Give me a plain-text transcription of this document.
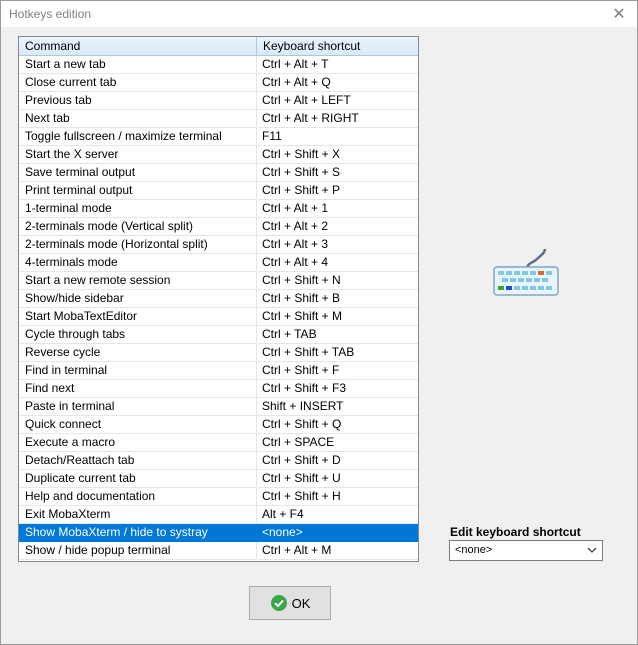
Hotkeys edition	✕
Command	Keyboard shortcut
Start a new tab	Ctrl + Alt + T
Close current tab	Ctrl + Alt + Q
Previous tab	Ctrl + Alt + LEFT
Next tab	Ctrl + Alt + RIGHT
Toggle fullscreen / maximize terminal	F11
Start the X server	Ctrl + Shift + X
Save terminal output	Ctrl + Shift + S
Print terminal output	Ctrl + Shift + P
1-terminal mode	Ctrl + Alt + 1
2-terminals mode (Vertical split)	Ctrl + Alt + 2
2-terminals mode (Horizontal split)	Ctrl + Alt + 3
4-terminals mode	Ctrl + Alt + 4
Start a new remote session	Ctrl + Shift + N
Show/hide sidebar	Ctrl + Shift + B
Start MobaTextEditor	Ctrl + Shift + M
Cycle through tabs	Ctrl + TAB
Reverse cycle	Ctrl + Shift + TAB
Find in terminal	Ctrl + Shift + F
Find next	Ctrl + Shift + F3
Paste in terminal	Shift + INSERT
Quick connect	Ctrl + Shift + Q
Execute a macro	Ctrl + SPACE
Detach/Reattach tab	Ctrl + Shift + D
Duplicate current tab	Ctrl + Shift + U
Help and documentation	Ctrl + Shift + H
Exit MobaXterm	Alt + F4
Show MobaXterm / hide to systray	<none>
Show / hide popup terminal	Ctrl + Alt + M
Edit keyboard shortcut
<none>
OK
